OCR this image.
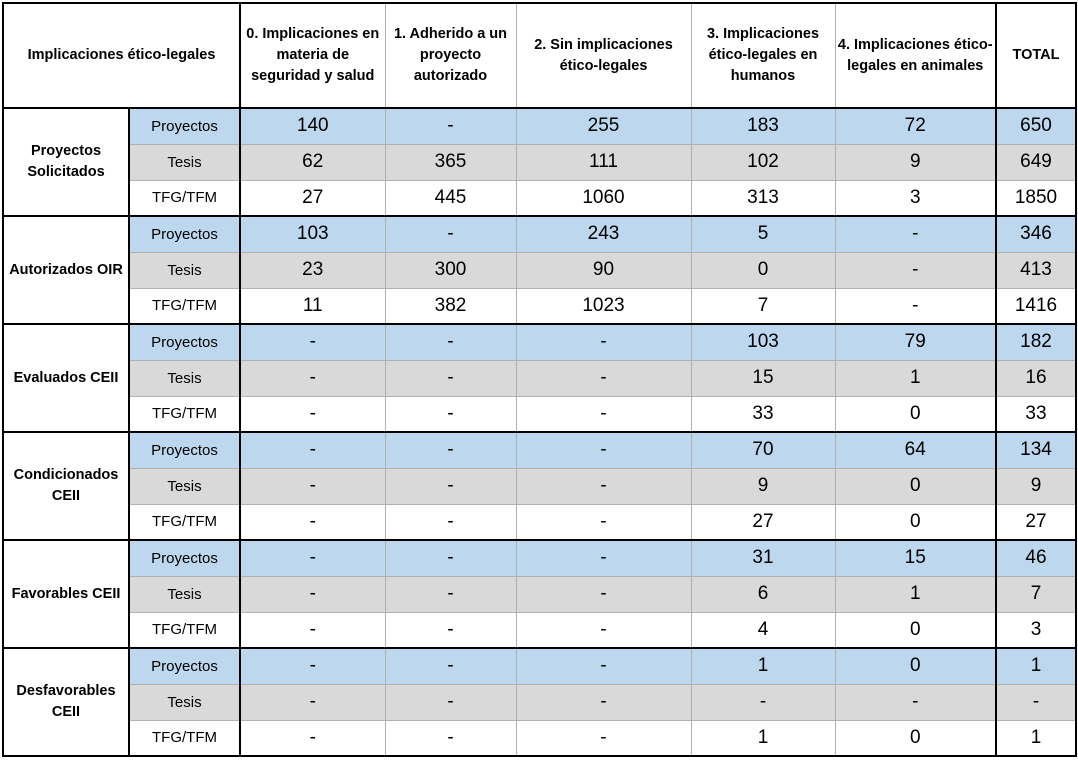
Implicaciones ético-legales		0. Implicaciones en materia de seguridad y salud	1. Adherido a un proyecto autorizado	2. Sin implicaciones ético-legales	3. Implicaciones ético-legales en humanos	4. Implicaciones ético-legales en animales	TOTAL
Proyectos Solicitados	Proyectos	140	-	255	183	72	650
	Tesis	62	365	111	102	9	649
	TFG/TFM	27	445	1060	313	3	1850
Autorizados OIR	Proyectos	103	-	243	5	-	346
	Tesis	23	300	90	0	-	413
	TFG/TFM	11	382	1023	7	-	1416
Evaluados CEII	Proyectos	-	-	-	103	79	182
	Tesis	-	-	-	15	1	16
	TFG/TFM	-	-	-	33	0	33
Condicionados CEII	Proyectos	-	-	-	70	64	134
	Tesis	-	-	-	9	0	9
	TFG/TFM	-	-	-	27	0	27
Favorables CEII	Proyectos	-	-	-	31	15	46
	Tesis	-	-	-	6	1	7
	TFG/TFM	-	-	-	4	0	3
Desfavorables CEII	Proyectos	-	-	-	1	0	1
	Tesis	-	-	-	-	-	-
	TFG/TFM	-	-	-	1	0	1
